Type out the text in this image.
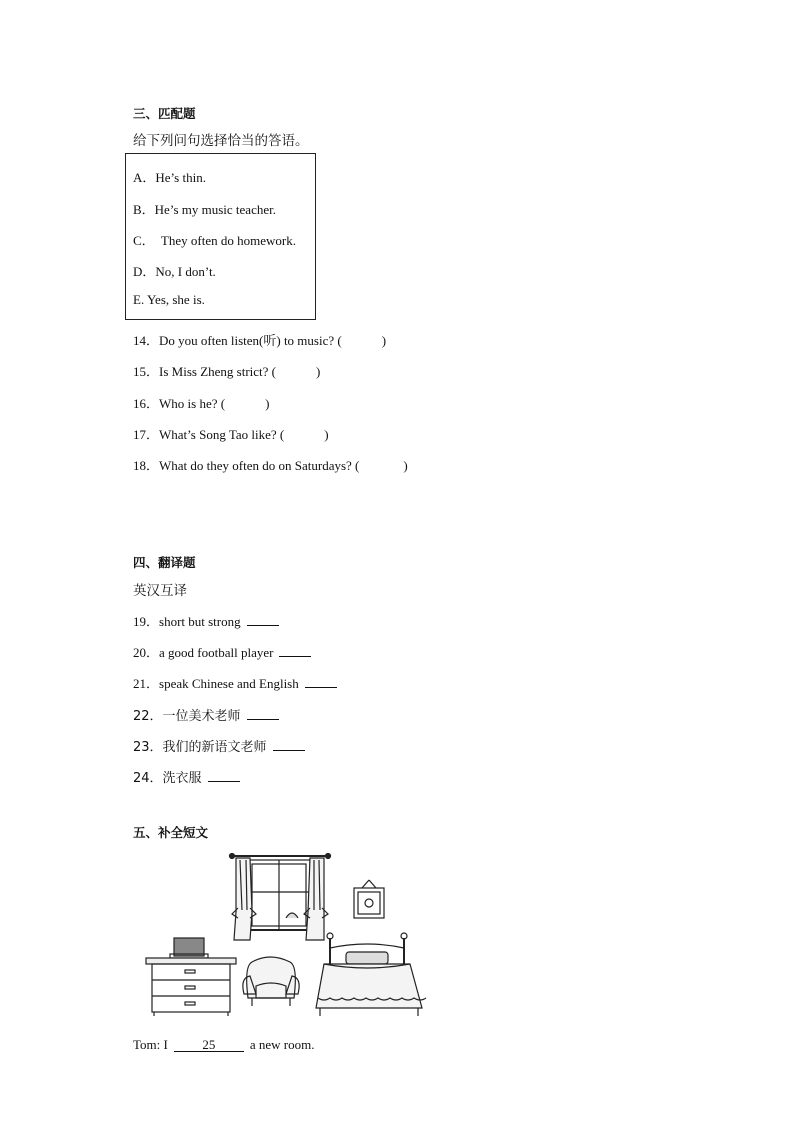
三、匹配题
给下列问句选择恰当的答语。
A．He’s thin.
B．He’s my music teacher.
C．  They often do homework.
D．No, I don’t.
E. Yes, she is.
14．Do you often listen(听) to music? (	)
15．Is Miss Zheng strict? (	)
16．Who is he? (	)
17．What’s Song Tao like? (	)
18．What do they often do on Saturdays? (	)
四、翻译题
英汉互译
19．short but strong
20．a good football player
21．speak Chinese and English
22．一位美术老师
23．我们的新语文老师
24．洗衣服
五、补全短文
Tom: I	25	a new room.
